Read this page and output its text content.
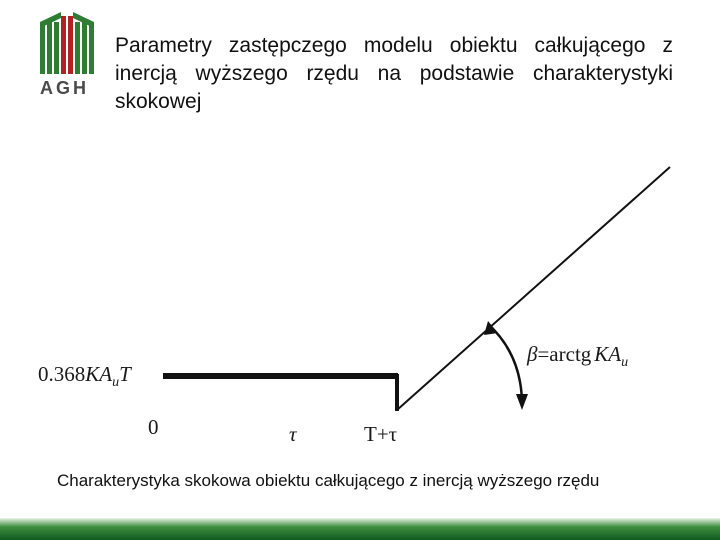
AGH
Parametry zastępczego modelu obiektu całkującego z inercją wyższego rzędu na podstawie charakterystyki skokowej
$0.368KA_uT$
0	τ	T+τ
β=arctg $KA_u$
Charakterystyka skokowa obiektu całkującego z inercją wyższego rzędu
